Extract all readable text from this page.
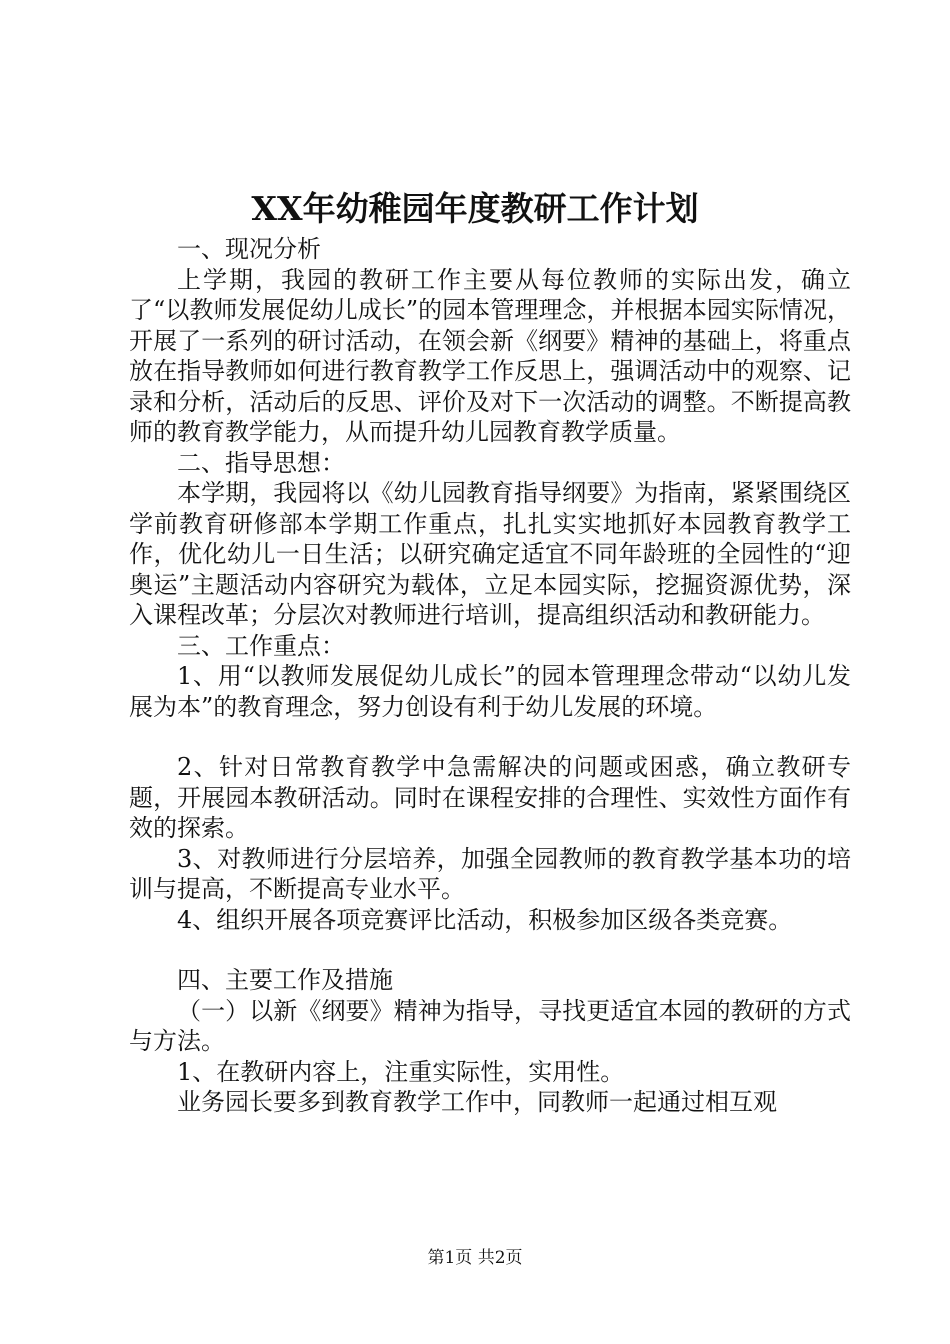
XX年幼稚园年度教研工作计划

一、现况分析

上学期，我园的教研工作主要从每位教师的实际出发，确立了“以教师发展促幼儿成长”的园本管理理念，并根据本园实际情况，开展了一系列的研讨活动，在领会新《纲要》精神的基础上，将重点放在指导教师如何进行教育教学工作反思上，强调活动中的观察、记录和分析，活动后的反思、评价及对下一次活动的调整。不断提高教师的教育教学能力，从而提升幼儿园教育教学质量。

二、指导思想：

本学期，我园将以《幼儿园教育指导纲要》为指南，紧紧围绕区学前教育研修部本学期工作重点，扎扎实实地抓好本园教育教学工作，优化幼儿一日生活；以研究确定适宜不同年龄班的全园性的“迎奥运”主题活动内容研究为载体，立足本园实际，挖掘资源优势，深入课程改革；分层次对教师进行培训，提高组织活动和教研能力。

三、工作重点：

1、用“以教师发展促幼儿成长”的园本管理理念带动“以幼儿发展为本”的教育理念，努力创设有利于幼儿发展的环境。

2、针对日常教育教学中急需解决的问题或困惑，确立教研专题，开展园本教研活动。同时在课程安排的合理性、实效性方面作有效的探索。

3、对教师进行分层培养，加强全园教师的教育教学基本功的培训与提高，不断提高专业水平。

4、组织开展各项竞赛评比活动，积极参加区级各类竞赛。

四、主要工作及措施

（一）以新《纲要》精神为指导，寻找更适宜本园的教研的方式与方法。

1、在教研内容上，注重实际性，实用性。

业务园长要多到教育教学工作中，同教师一起通过相互观

第1页 共2页
